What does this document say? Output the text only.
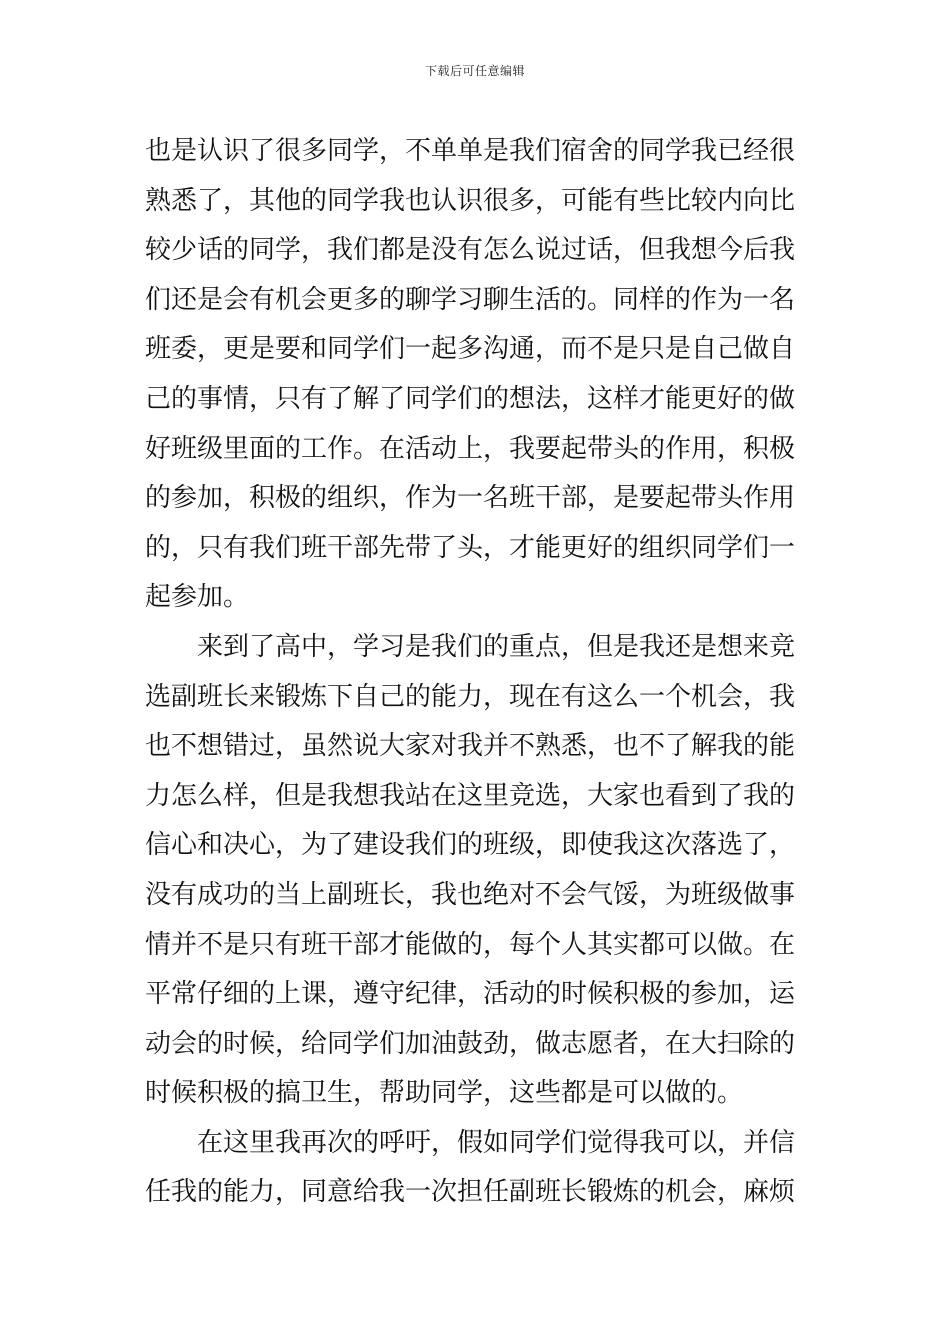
下载后可任意编辑
也是认识了很多同学，不单单是我们宿舍的同学我已经很
熟悉了，其他的同学我也认识很多，可能有些比较内向比
较少话的同学，我们都是没有怎么说过话，但我想今后我
们还是会有机会更多的聊学习聊生活的。同样的作为一名
班委，更是要和同学们一起多沟通，而不是只是自己做自
己的事情，只有了解了同学们的想法，这样才能更好的做
好班级里面的工作。在活动上，我要起带头的作用，积极
的参加，积极的组织，作为一名班干部，是要起带头作用
的，只有我们班干部先带了头，才能更好的组织同学们一
起参加。
　　来到了高中，学习是我们的重点，但是我还是想来竞
选副班长来锻炼下自己的能力，现在有这么一个机会，我
也不想错过，虽然说大家对我并不熟悉，也不了解我的能
力怎么样，但是我想我站在这里竞选，大家也看到了我的
信心和决心，为了建设我们的班级，即使我这次落选了，
没有成功的当上副班长，我也绝对不会气馁，为班级做事
情并不是只有班干部才能做的，每个人其实都可以做。在
平常仔细的上课，遵守纪律，活动的时候积极的参加，运
动会的时候，给同学们加油鼓劲，做志愿者，在大扫除的
时候积极的搞卫生，帮助同学，这些都是可以做的。
　　在这里我再次的呼吁，假如同学们觉得我可以，并信
任我的能力，同意给我一次担任副班长锻炼的机会，麻烦
